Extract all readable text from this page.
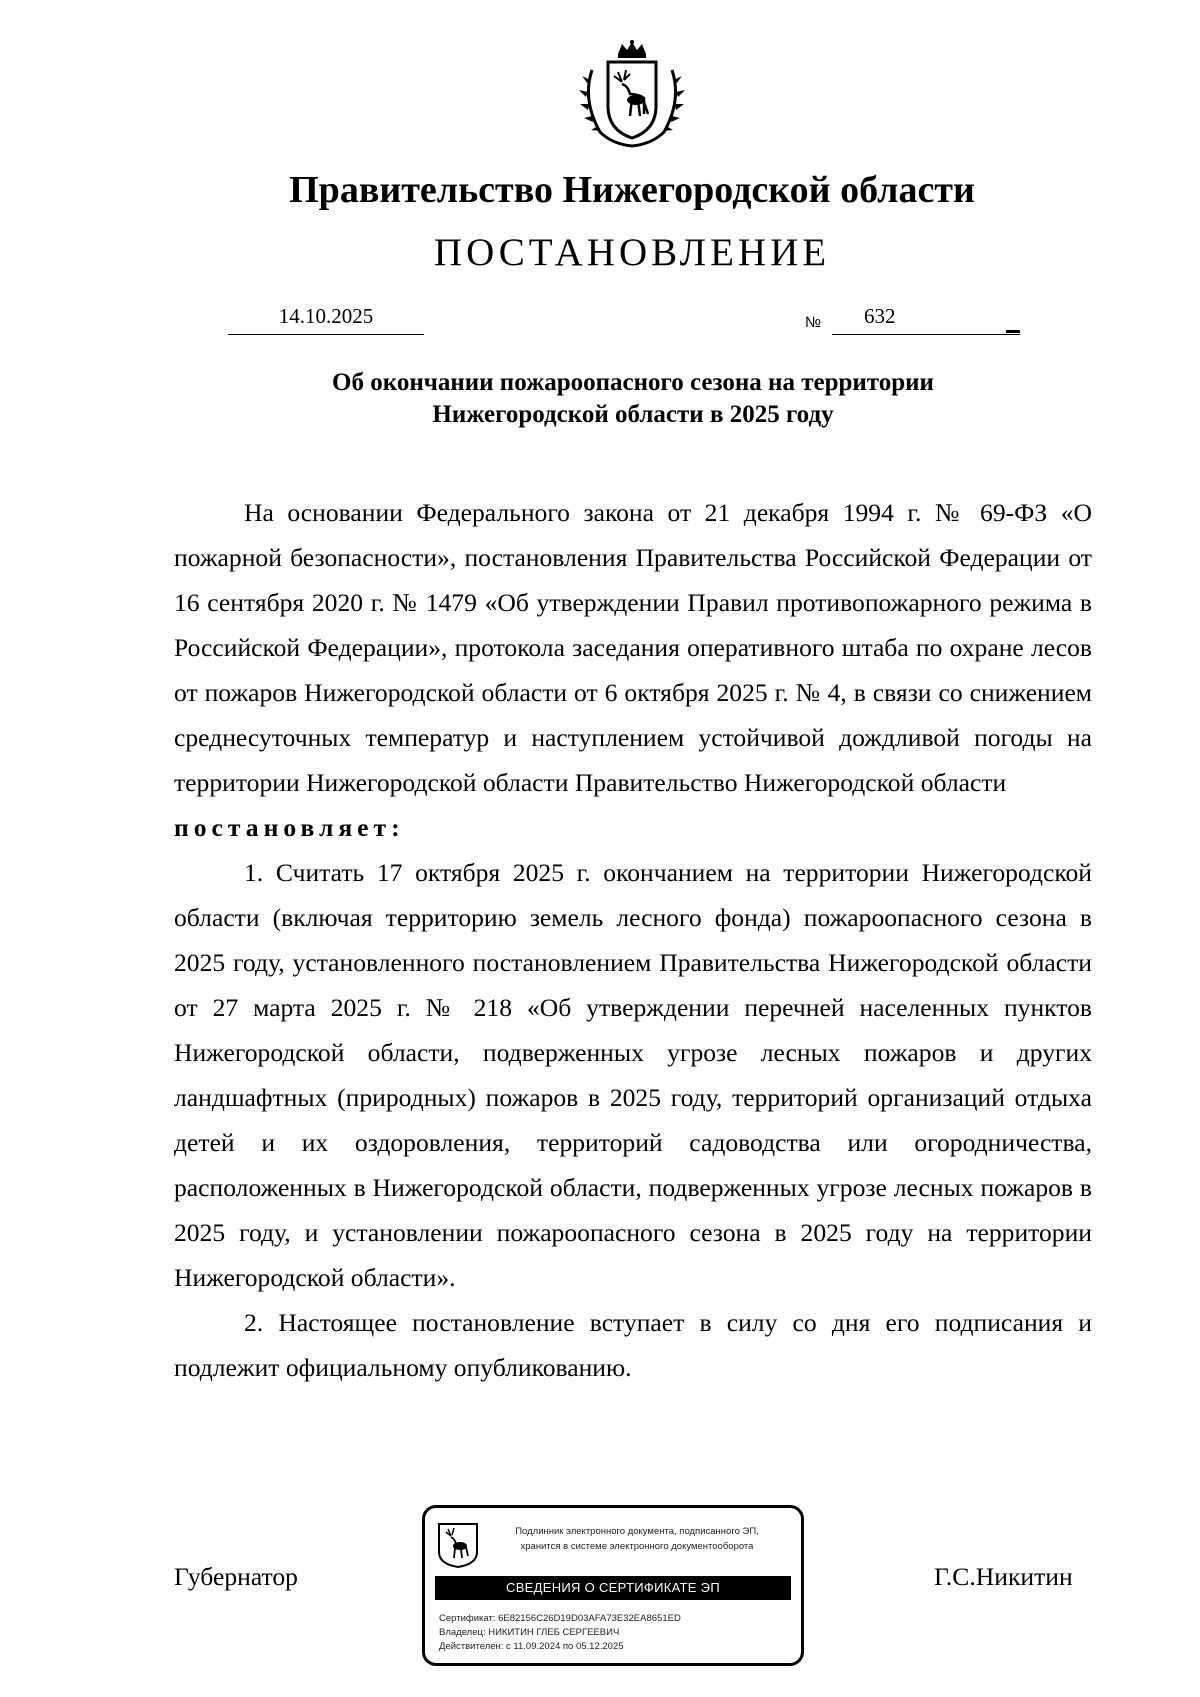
Правительство Нижегородской области
ПОСТАНОВЛЕНИЕ
14.10.2025	№ 632
Об окончании пожароопасного сезона на территории
Нижегородской области в 2025 году

На основании Федерального закона от 21 декабря 1994 г. № 69-ФЗ «О пожарной безопасности», постановления Правительства Российской Федерации от 16 сентября 2020 г. № 1479 «Об утверждении Правил противопожарного режима в Российской Федерации», протокола заседания оперативного штаба по охране лесов от пожаров Нижегородской области от 6 октября 2025 г. № 4, в связи со снижением среднесуточных температур и наступлением устойчивой дождливой погоды на территории Нижегородской области Правительство Нижегородской области

постановляет:

1. Считать 17 октября 2025 г. окончанием на территории Нижегородской области (включая территорию земель лесного фонда) пожароопасного сезона в 2025 году, установленного постановлением Правительства Нижегородской области от 27 марта 2025 г. № 218 «Об утверждении перечней населенных пунктов Нижегородской области, подверженных угрозе лесных пожаров и других ландшафтных (природных) пожаров в 2025 году, территорий организаций отдыха детей и их оздоровления, территорий садоводства или огородничества, расположенных в Нижегородской области, подверженных угрозе лесных пожаров в 2025 году, и установлении пожароопасного сезона в 2025 году на территории Нижегородской области».

2. Настоящее постановление вступает в силу со дня его подписания и подлежит официальному опубликованию.

Губернатор
Подлинник электронного документа, подписанного ЭП,
хранится в системе электронного документооборота
СВЕДЕНИЯ О СЕРТИФИКАТЕ ЭП
Сертификат: 6E82156C26D19D03AFA73E32EA8651ED
Владелец: НИКИТИН ГЛЕБ СЕРГЕЕВИЧ
Действителен: с 11.09.2024 по 05.12.2025
Г.С.Никитин
